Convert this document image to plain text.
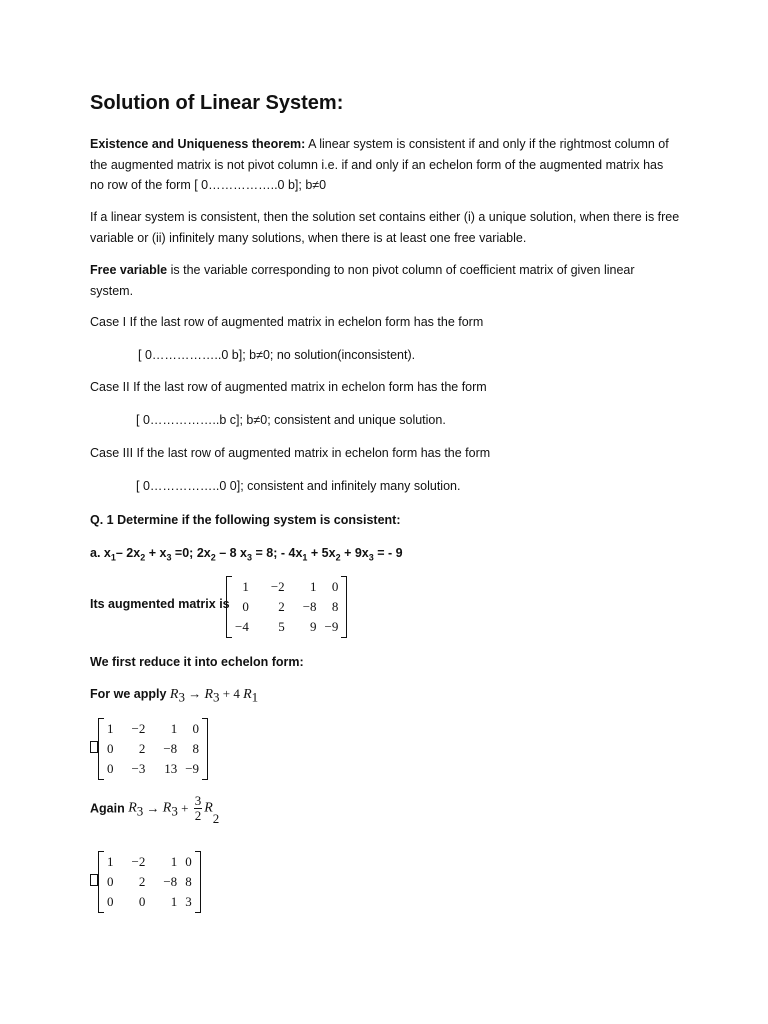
Solution of Linear System:
Existence and Uniqueness theorem: A linear system is consistent if and only if the rightmost column of the augmented matrix is not pivot column i.e. if and only if an echelon form of the augmented matrix has no row of the form [ 0……………..0 b]; b≠0
If a linear system is consistent, then the solution set contains either (i) a unique solution, when there is free variable or (ii) infinitely many solutions, when there is at least one free variable.
Free variable is the variable corresponding to non pivot column of coefficient matrix of given linear system.
Case I If the last row of augmented matrix in echelon form has the form
[ 0……………..0 b]; b≠0; no solution(inconsistent).
Case II If the last row of augmented matrix in echelon form has the form
[ 0……………..b c]; b≠0; consistent and unique solution.
Case III If the last row of augmented matrix in echelon form has the form
[ 0……………..0 0]; consistent and infinitely many solution.
Q. 1 Determine if the following system is consistent:
a. $x_1-$ $2x_2 + x_3 =0$; $2x_2 - 8$ $x_3 = 8$; - $4x_1 + 5x_2 + 9x_3$ = - 9
Its augmented matrix is
1	−2	1	0
0	2	−8	8
−4	5	9	−9
We first reduce it into echelon form:
For we apply $R_3 \to R_3 + 4$ $R_1$
1	−2	1	0
0	2	−8	8
0	−3	13	−9
Again $R_3 \to R_3 + \frac{3}{2} R_2$
1	−2	1	0
0	2	−8	8
0	0	1	3
